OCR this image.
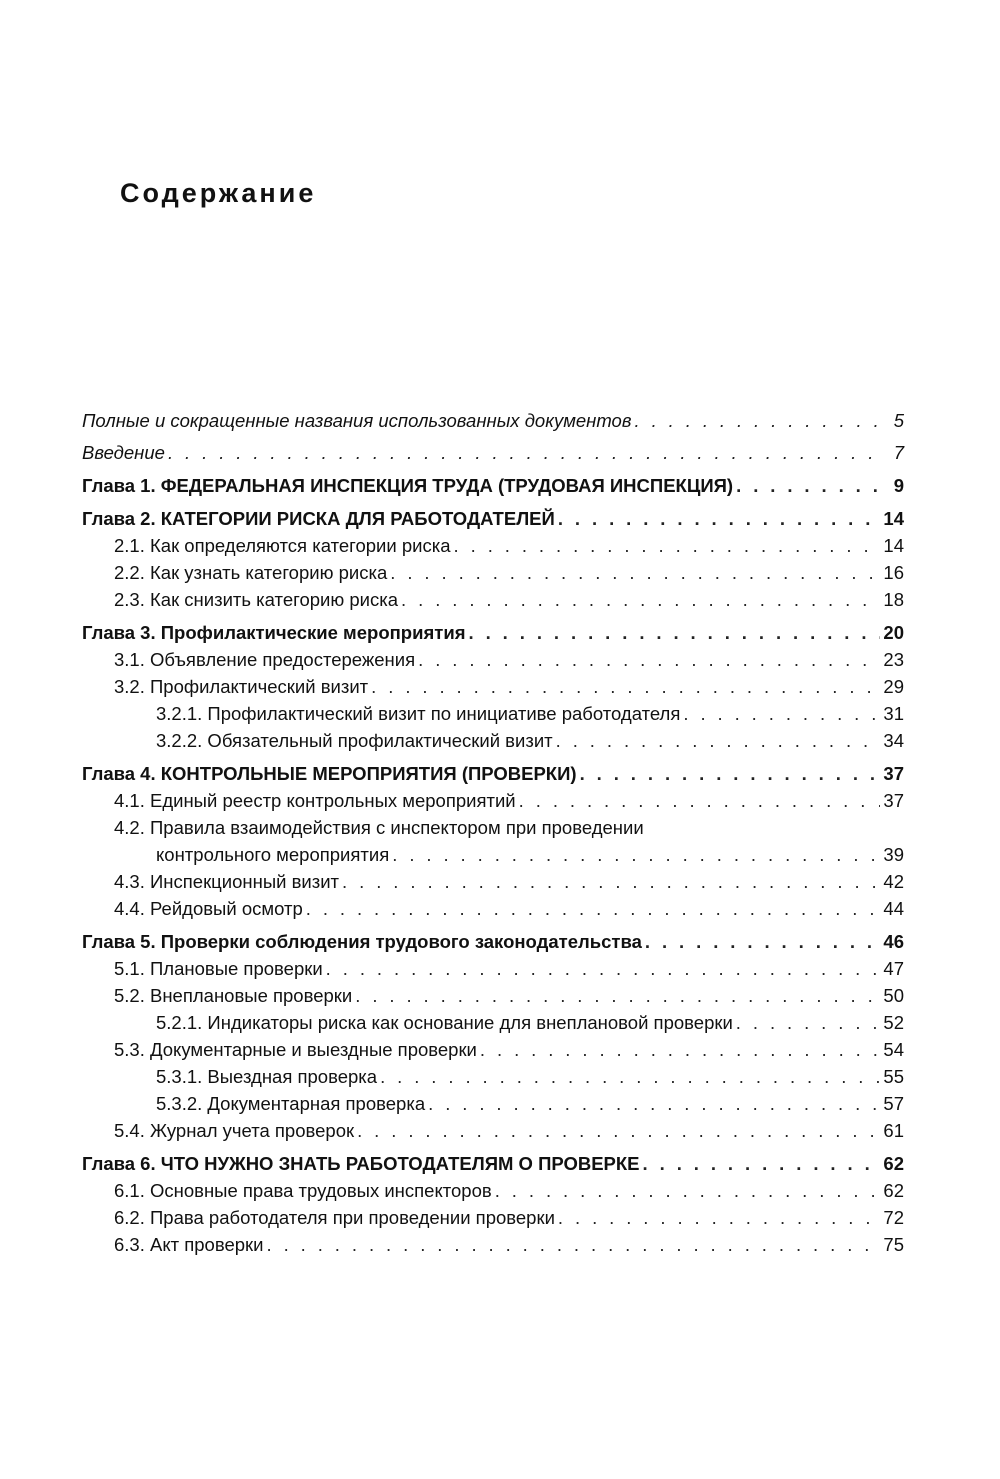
Содержание
Полные и сокращенные названия использованных документов . . .	5
Введение . . .	7
Глава 1. ФЕДЕРАЛЬНАЯ ИНСПЕКЦИЯ ТРУДА (ТРУДОВАЯ ИНСПЕКЦИЯ) . . .	9
Глава 2. КАТЕГОРИИ РИСКА ДЛЯ РАБОТОДАТЕЛЕЙ . . .	14
2.1. Как определяются категории риска . . .	14
2.2. Как узнать категорию риска . . .	16
2.3. Как снизить категорию риска . . .	18
Глава 3. Профилактические мероприятия . . .	20
3.1. Объявление предостережения . . .	23
3.2. Профилактический визит . . .	29
3.2.1. Профилактический визит по инициативе работодателя . . .	31
3.2.2. Обязательный профилактический визит . . .	34
Глава 4. КОНТРОЛЬНЫЕ МЕРОПРИЯТИЯ (ПРОВЕРКИ) . . .	37
4.1. Единый реестр контрольных мероприятий . . .	37
4.2. Правила взаимодействия с инспектором при проведении
контрольного мероприятия . . .	39
4.3. Инспекционный визит . . .	42
4.4. Рейдовый осмотр . . .	44
Глава 5. Проверки соблюдения трудового законодательства . . .	46
5.1. Плановые проверки . . .	47
5.2. Внеплановые проверки . . .	50
5.2.1. Индикаторы риска как основание для внеплановой проверки . . .	52
5.3. Документарные и выездные проверки . . .	54
5.3.1. Выездная проверка . . .	55
5.3.2. Документарная проверка . . .	57
5.4. Журнал учета проверок . . .	61
Глава 6. ЧТО НУЖНО ЗНАТЬ РАБОТОДАТЕЛЯМ О ПРОВЕРКЕ . . .	62
6.1. Основные права трудовых инспекторов . . .	62
6.2. Права работодателя при проведении проверки . . .	72
6.3. Акт проверки . . .	75
